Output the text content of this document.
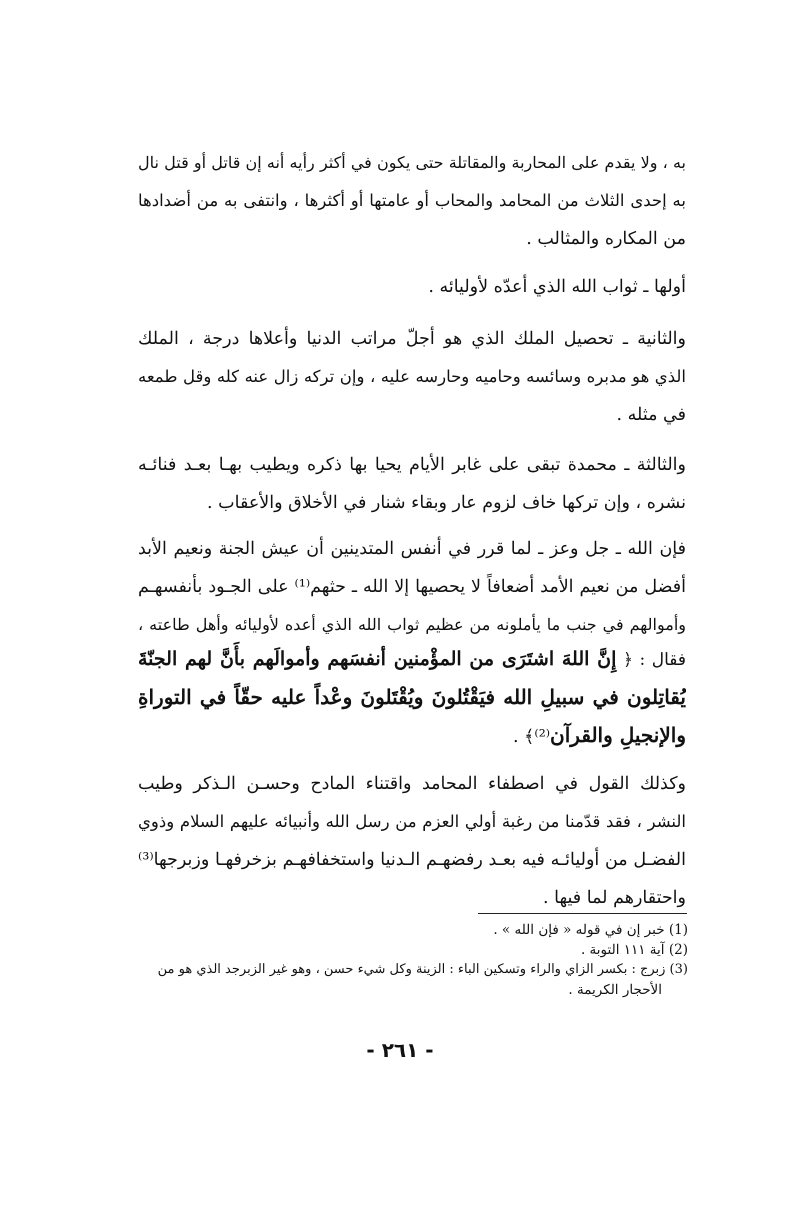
به ، ولا يقدم على المحاربة والمقاتلة حتى يكون في أكثر رأيه أنه إن قاتل أو قتل نال
به إحدى الثلاث من المحامد والمحاب أو عامتها أو أكثرها ، وانتفى به من أضدادها
من المكاره والمثالب .
أولها ـ ثواب الله الذي أعدّه لأوليائه .
والثانية ـ تحصيل الملك الذي هو أجلّ مراتب الدنيا وأعلاها درجة ، الملك
الذي هو مدبره وسائسه وحاميه وحارسه عليه ، وإن تركه زال عنه كله وقل طمعه
في مثله .
والثالثة ـ محمدة تبقى على غابر الأيام يحيا بها ذكره ويطيب بهـا بعـد فنائـه
نشره ، وإن تركها خاف لزوم عار وبقاء شنار في الأخلاق والأعقاب .
فإن الله ـ جل وعز ـ لما قرر في أنفس المتدينين أن عيش الجنة ونعيم الأبد
أفضل من نعيم الأمد أضعافاً لا يحصيها إلا الله ـ حثهم⁽¹⁾ على الجـود بأنفسهـم
وأموالهم في جنب ما يأملونه من عظيم ثواب الله الذي أعده لأوليائه وأهل طاعته ،
فقال : ﴿ إِنَّ اللهَ اشتَرَى من المؤْمنين أنفسَهم وأموالَهم بأَنَّ لهم الجنّةَ
يُقاتِلون في سبيلِ الله فيَقْتُلونَ ويُقْتَلونَ وعْداً عليه حقّاً في التوراةِ
والإنجيلِ والقرآن⁽²⁾﴾ .
وكذلك القول في اصطفاء المحامد واقتناء المادح وحسـن الـذكر وطيب
النشر ، فقد قدّمنا من رغبة أولي العزم من رسل الله وأنبيائه عليهم السلام وذوي
الفضـل من أوليائـه فيه بعـد رفضهـم الـدنيا واستخفافهـم بزخرفهـا وزبرجها⁽³⁾
واحتقارهم لما فيها .
(1) خبر إن في قوله « فإن الله » .
(2) آية ١١١ التوبة .
(3) زبرج : بكسر الزاي والراء وتسكين الباء : الزينة وكل شيء حسن ، وهو غير الزبرجد الذي هو من
الأحجار الكريمة .
- ٢٦١ -
